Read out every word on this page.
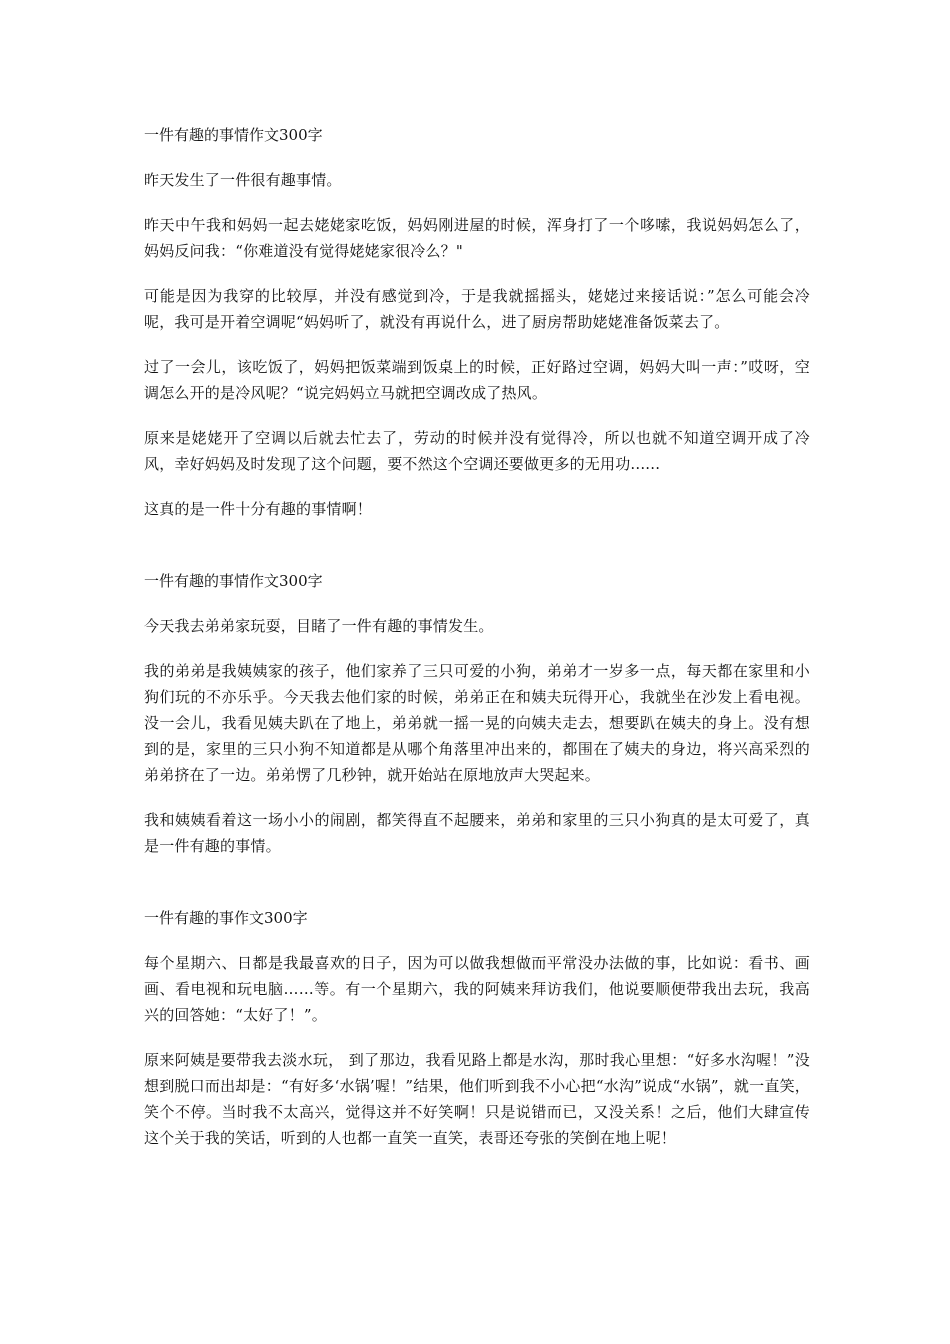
一件有趣的事情作文300字

昨天发生了一件很有趣事情。

昨天中午我和妈妈一起去姥姥家吃饭，妈妈刚进屋的时候，浑身打了一个哆嗦，我说妈妈怎么了，妈妈反问我：“你难道没有觉得姥姥家很冷么？"

可能是因为我穿的比较厚，并没有感觉到冷，于是我就摇摇头，姥姥过来接话说：”怎么可能会冷呢，我可是开着空调呢“妈妈听了，就没有再说什么，进了厨房帮助姥姥准备饭菜去了。

过了一会儿，该吃饭了，妈妈把饭菜端到饭桌上的时候，正好路过空调，妈妈大叫一声：”哎呀，空调怎么开的是冷风呢？“说完妈妈立马就把空调改成了热风。

原来是姥姥开了空调以后就去忙去了，劳动的时候并没有觉得冷，所以也就不知道空调开成了冷风，幸好妈妈及时发现了这个问题，要不然这个空调还要做更多的无用功......

这真的是一件十分有趣的事情啊！

一件有趣的事情作文300字

今天我去弟弟家玩耍，目睹了一件有趣的事情发生。

我的弟弟是我姨姨家的孩子，他们家养了三只可爱的小狗，弟弟才一岁多一点，每天都在家里和小狗们玩的不亦乐乎。今天我去他们家的时候，弟弟正在和姨夫玩得开心，我就坐在沙发上看电视。没一会儿，我看见姨夫趴在了地上，弟弟就一摇一晃的向姨夫走去，想要趴在姨夫的身上。没有想到的是，家里的三只小狗不知道都是从哪个角落里冲出来的，都围在了姨夫的身边，将兴高采烈的弟弟挤在了一边。弟弟愣了几秒钟，就开始站在原地放声大哭起来。

我和姨姨看着这一场小小的闹剧，都笑得直不起腰来，弟弟和家里的三只小狗真的是太可爱了，真是一件有趣的事情。

一件有趣的事作文300字

每个星期六、日都是我最喜欢的日子，因为可以做我想做而平常没办法做的事，比如说：看书、画画、看电视和玩电脑……等。有一个星期六，我的阿姨来拜访我们，他说要顺便带我出去玩，我高兴的回答她：“太好了！”。

原来阿姨是要带我去淡水玩， 到了那边，我看见路上都是水沟，那时我心里想：“好多水沟喔！”没想到脱口而出却是：“有好多‘水锅’喔！”结果，他们听到我不小心把“水沟”说成“水锅”，就一直笑，笑个不停。当时我不太高兴，觉得这并不好笑啊！只是说错而已，又没关系！之后，他们大肆宣传这个关于我的笑话，听到的人也都一直笑一直笑，表哥还夸张的笑倒在地上呢！
